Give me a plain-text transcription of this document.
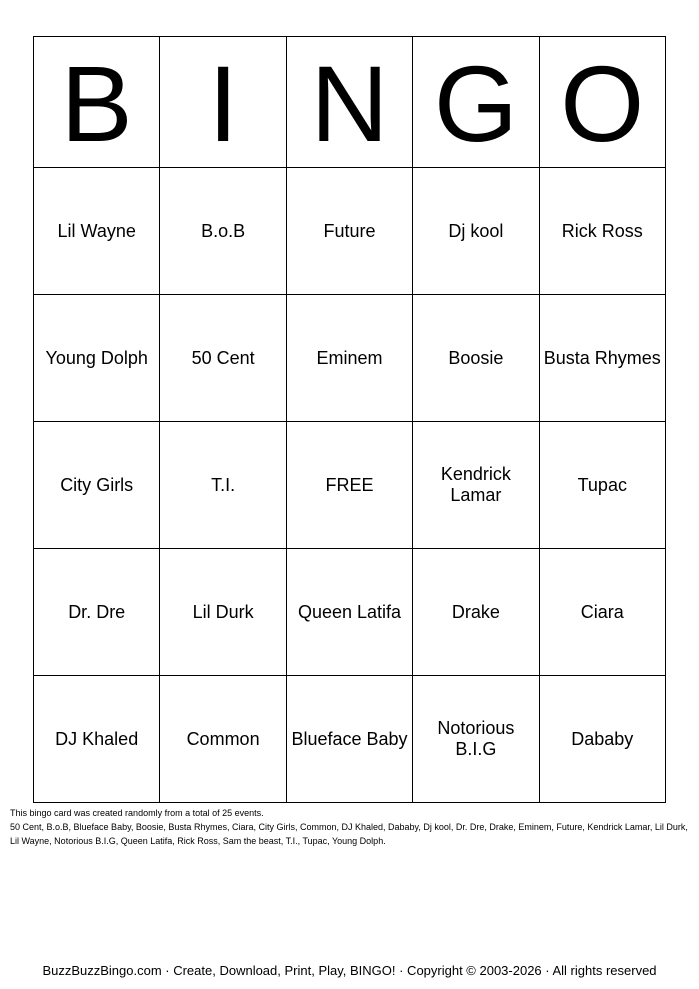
B	I	N	G	O
Lil Wayne	B.o.B	Future	Dj kool	Rick Ross
Young Dolph	50 Cent	Eminem	Boosie	Busta Rhymes
City Girls	T.I.	FREE	Kendrick Lamar	Tupac
Dr. Dre	Lil Durk	Queen Latifa	Drake	Ciara
DJ Khaled	Common	Blueface Baby	Notorious B.I.G	Dababy

This bingo card was created randomly from a total of 25 events.

50 Cent, B.o.B, Blueface Baby, Boosie, Busta Rhymes, Ciara, City Girls, Common, DJ Khaled, Dababy, Dj kool, Dr. Dre, Drake, Eminem, Future, Kendrick Lamar, Lil Durk, Lil Wayne, Notorious B.I.G, Queen Latifa, Rick Ross, Sam the beast, T.I., Tupac, Young Dolph.

BuzzBuzzBingo.com · Create, Download, Print, Play, BINGO! · Copyright © 2003-2026 · All rights reserved
